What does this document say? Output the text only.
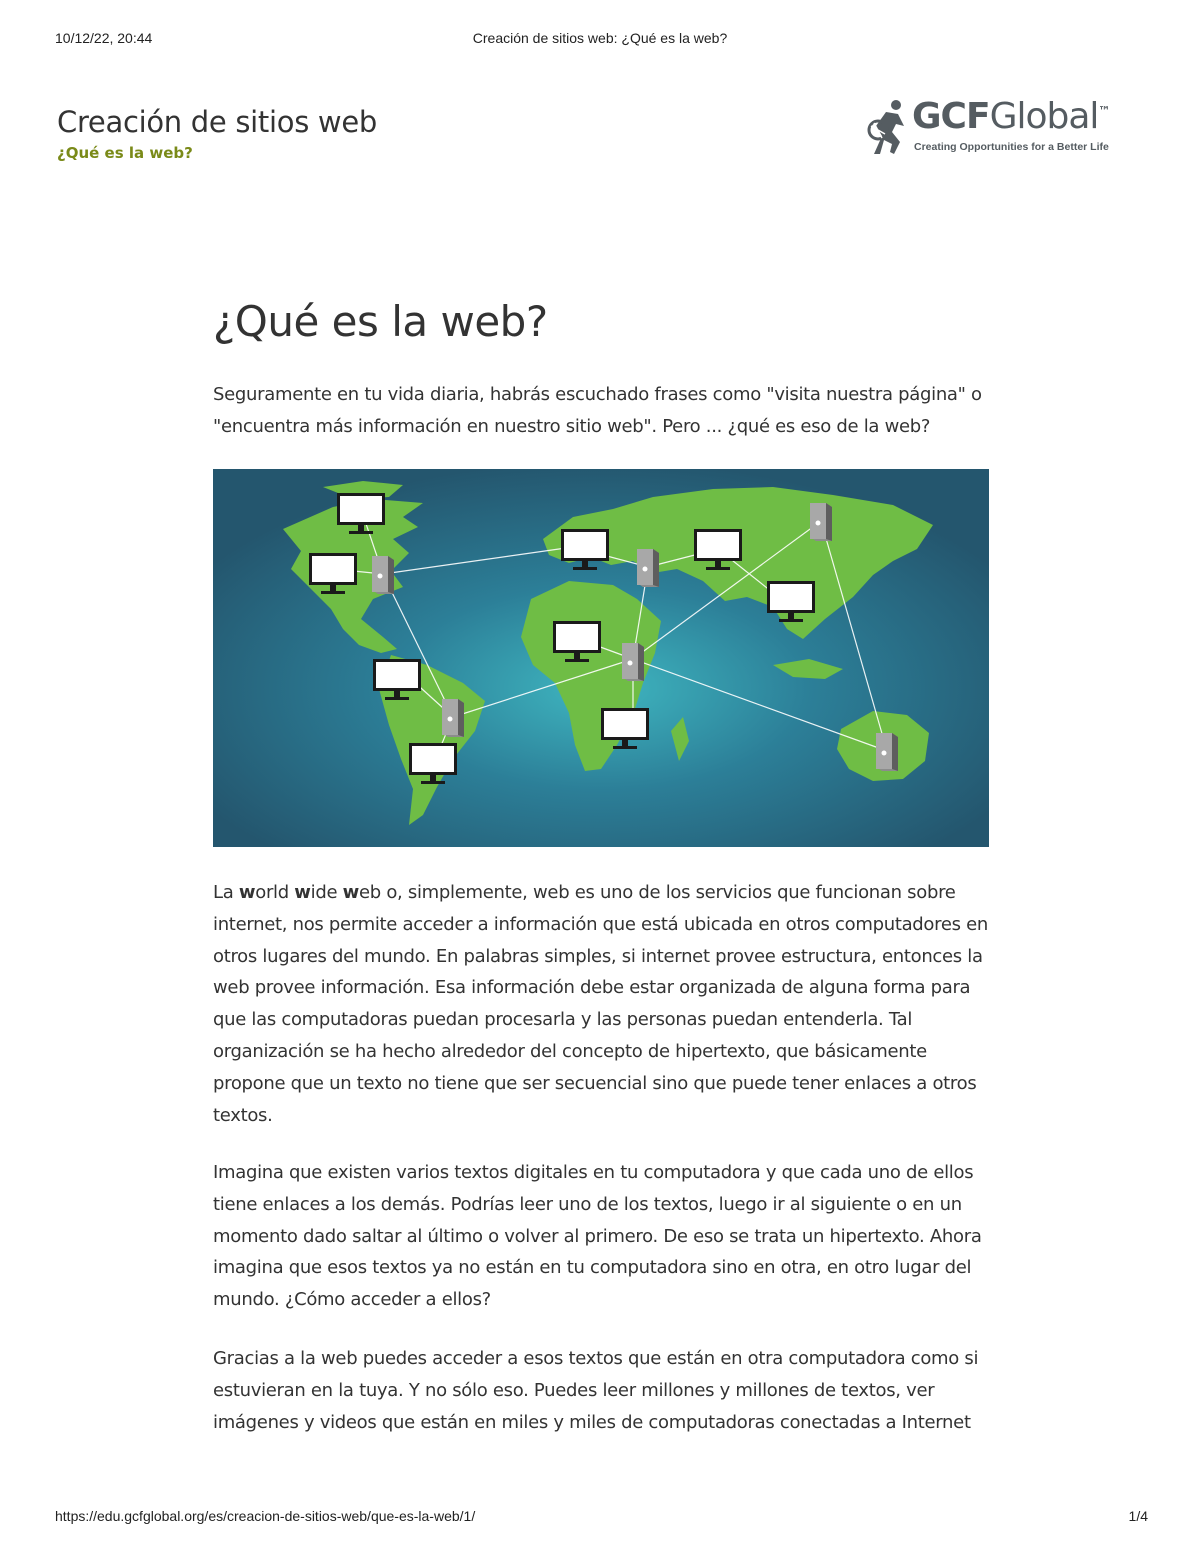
10/12/22, 20:44	Creación de sitios web: ¿Qué es la web?
Creación de sitios web
¿Qué es la web?
GCFGlobal™
Creating Opportunities for a Better Life
¿Qué es la web?

Seguramente en tu vida diaria, habrás escuchado frases como "visita nuestra página" o "encuentra más información en nuestro sitio web". Pero ... ¿qué es eso de la web?

La world wide web o, simplemente, web es uno de los servicios que funcionan sobre internet, nos permite acceder a información que está ubicada en otros computadores en otros lugares del mundo. En palabras simples, si internet provee estructura, entonces la web provee información. Esa información debe estar organizada de alguna forma para que las computadoras puedan procesarla y las personas puedan entenderla. Tal organización se ha hecho alrededor del concepto de hipertexto, que básicamente propone que un texto no tiene que ser secuencial sino que puede tener enlaces a otros textos.

Imagina que existen varios textos digitales en tu computadora y que cada uno de ellos tiene enlaces a los demás. Podrías leer uno de los textos, luego ir al siguiente o en un momento dado saltar al último o volver al primero. De eso se trata un hipertexto. Ahora imagina que esos textos ya no están en tu computadora sino en otra, en otro lugar del mundo. ¿Cómo acceder a ellos?

Gracias a la web puedes acceder a esos textos que están en otra computadora como si estuvieran en la tuya. Y no sólo eso. Puedes leer millones y millones de textos, ver imágenes y videos que están en miles y miles de computadoras conectadas a Internet

https://edu.gcfglobal.org/es/creacion-de-sitios-web/que-es-la-web/1/	1/4
